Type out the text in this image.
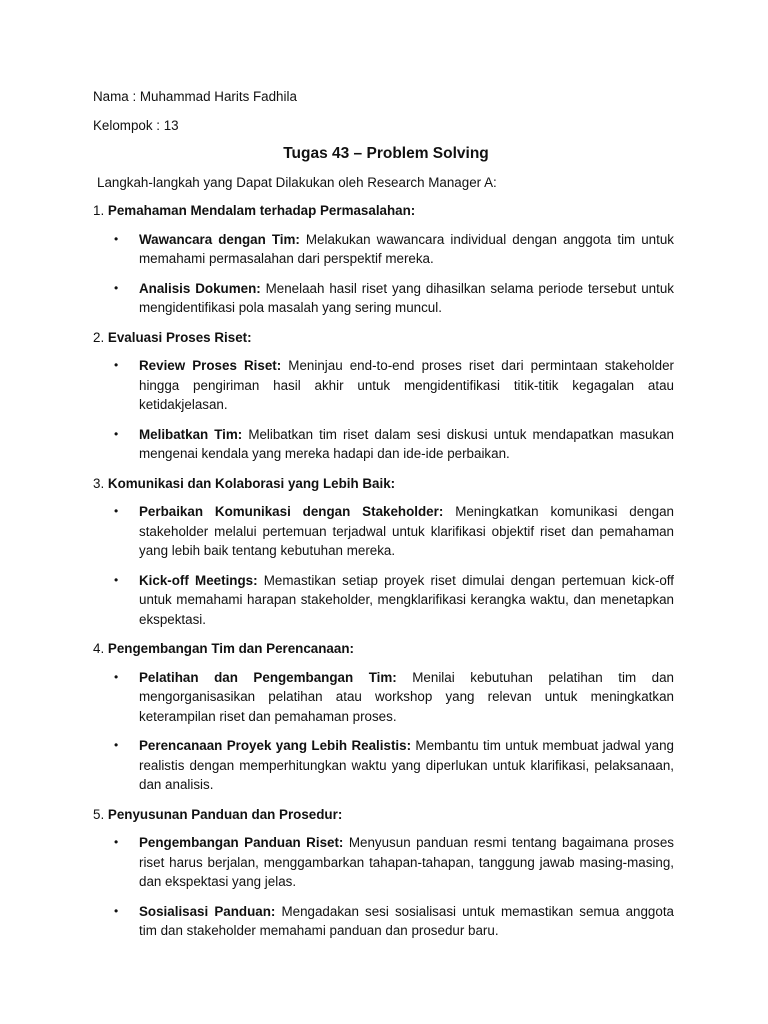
Nama : Muhammad Harits Fadhila

Kelompok : 13

Tugas 43 – Problem Solving

Langkah-langkah yang Dapat Dilakukan oleh Research Manager A:

1. Pemahaman Mendalam terhadap Permasalahan:

• Wawancara dengan Tim: Melakukan wawancara individual dengan anggota tim untuk memahami permasalahan dari perspektif mereka.
• Analisis Dokumen: Menelaah hasil riset yang dihasilkan selama periode tersebut untuk mengidentifikasi pola masalah yang sering muncul.

2. Evaluasi Proses Riset:

• Review Proses Riset: Meninjau end-to-end proses riset dari permintaan stakeholder hingga pengiriman hasil akhir untuk mengidentifikasi titik-titik kegagalan atau ketidakjelasan.
• Melibatkan Tim: Melibatkan tim riset dalam sesi diskusi untuk mendapatkan masukan mengenai kendala yang mereka hadapi dan ide-ide perbaikan.

3. Komunikasi dan Kolaborasi yang Lebih Baik:

• Perbaikan Komunikasi dengan Stakeholder: Meningkatkan komunikasi dengan stakeholder melalui pertemuan terjadwal untuk klarifikasi objektif riset dan pemahaman yang lebih baik tentang kebutuhan mereka.
• Kick-off Meetings: Memastikan setiap proyek riset dimulai dengan pertemuan kick-off untuk memahami harapan stakeholder, mengklarifikasi kerangka waktu, dan menetapkan ekspektasi.

4. Pengembangan Tim dan Perencanaan:

• Pelatihan dan Pengembangan Tim: Menilai kebutuhan pelatihan tim dan mengorganisasikan pelatihan atau workshop yang relevan untuk meningkatkan keterampilan riset dan pemahaman proses.
• Perencanaan Proyek yang Lebih Realistis: Membantu tim untuk membuat jadwal yang realistis dengan memperhitungkan waktu yang diperlukan untuk klarifikasi, pelaksanaan, dan analisis.

5. Penyusunan Panduan dan Prosedur:

• Pengembangan Panduan Riset: Menyusun panduan resmi tentang bagaimana proses riset harus berjalan, menggambarkan tahapan-tahapan, tanggung jawab masing-masing, dan ekspektasi yang jelas.
• Sosialisasi Panduan: Mengadakan sesi sosialisasi untuk memastikan semua anggota tim dan stakeholder memahami panduan dan prosedur baru.
